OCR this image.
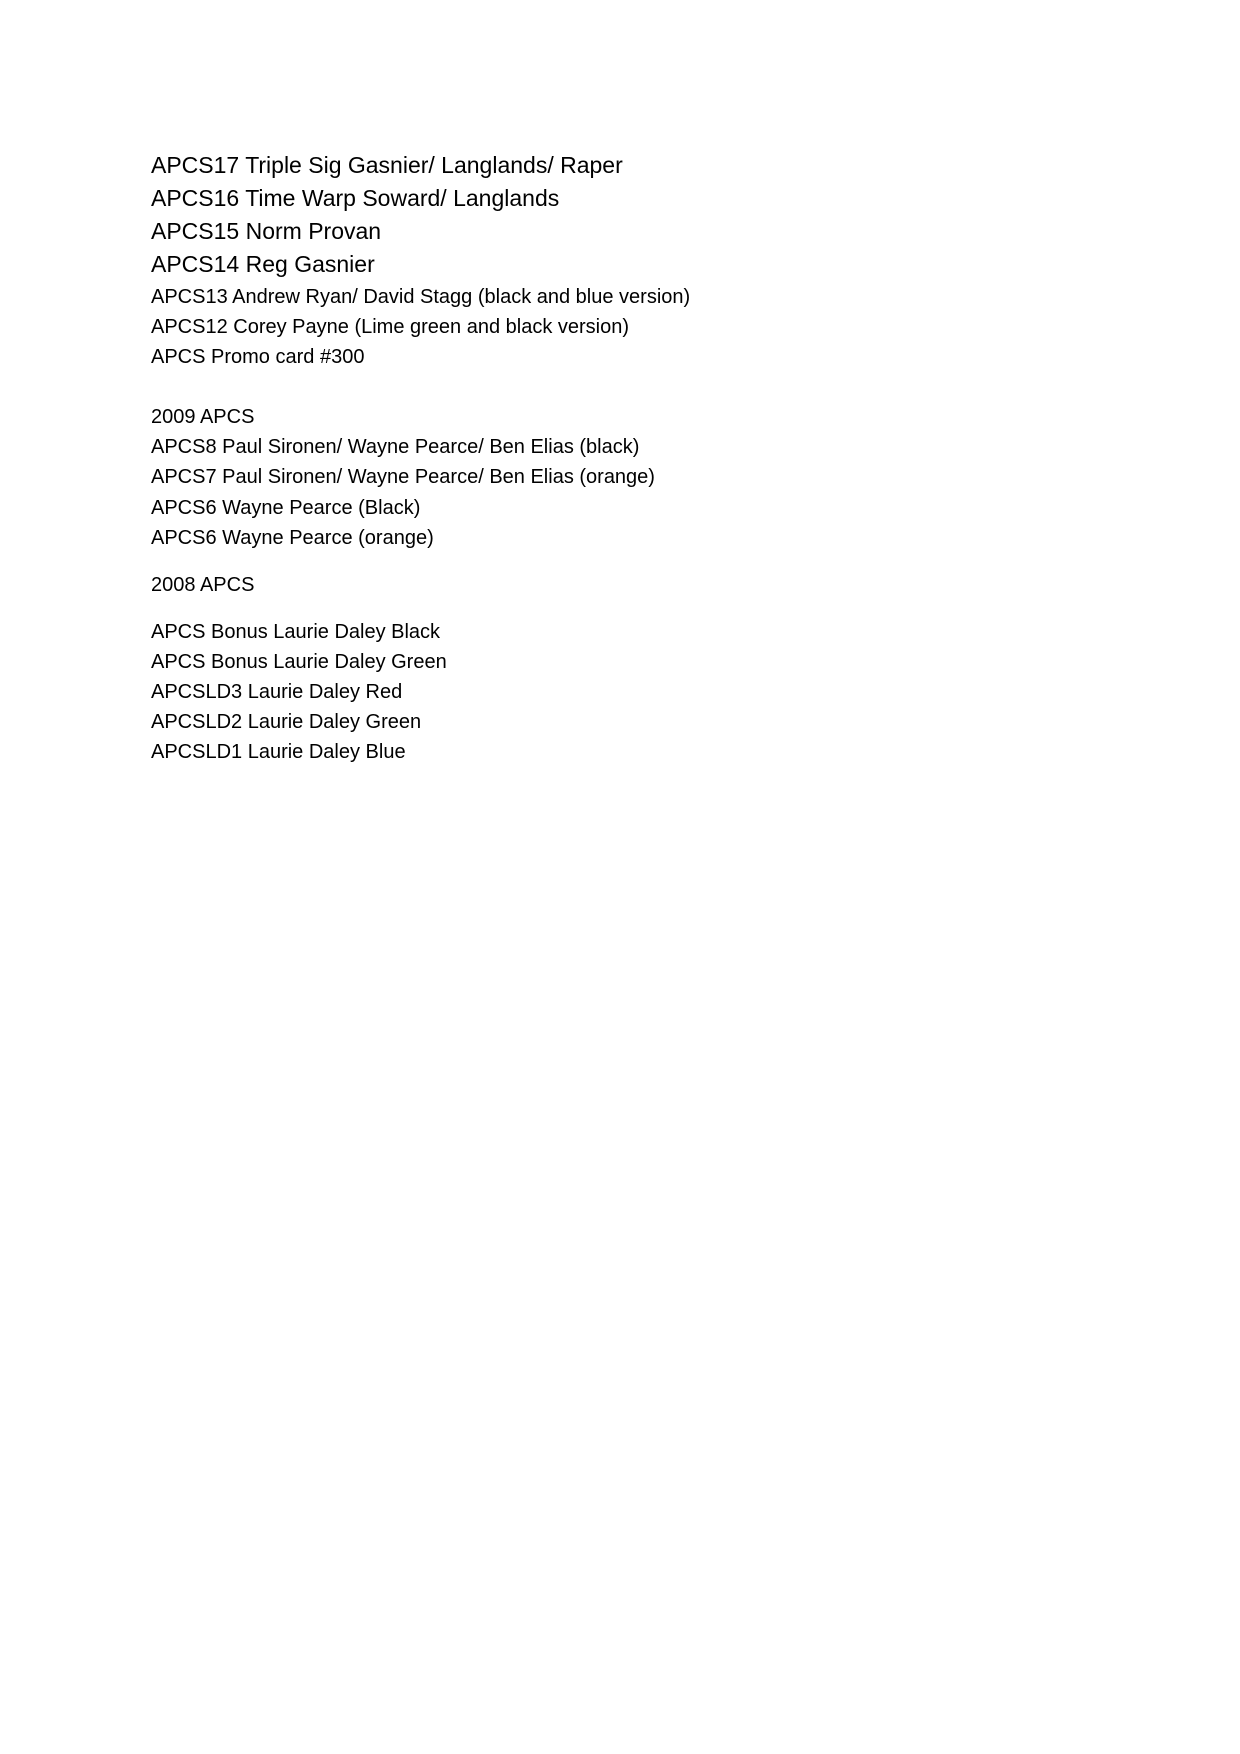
APCS17 Triple Sig Gasnier/ Langlands/ Raper
APCS16 Time Warp Soward/ Langlands
APCS15 Norm Provan
APCS14 Reg Gasnier
APCS13 Andrew Ryan/ David Stagg (black and blue version)
APCS12 Corey Payne (Lime green and black version)
APCS Promo card #300
2009 APCS
APCS8 Paul Sironen/ Wayne Pearce/ Ben Elias (black)
APCS7 Paul Sironen/ Wayne Pearce/ Ben Elias (orange)
APCS6 Wayne Pearce (Black)
APCS6 Wayne Pearce (orange)
2008 APCS
APCS Bonus Laurie Daley Black
APCS Bonus Laurie Daley Green
APCSLD3 Laurie Daley Red
APCSLD2 Laurie Daley Green
APCSLD1 Laurie Daley Blue
